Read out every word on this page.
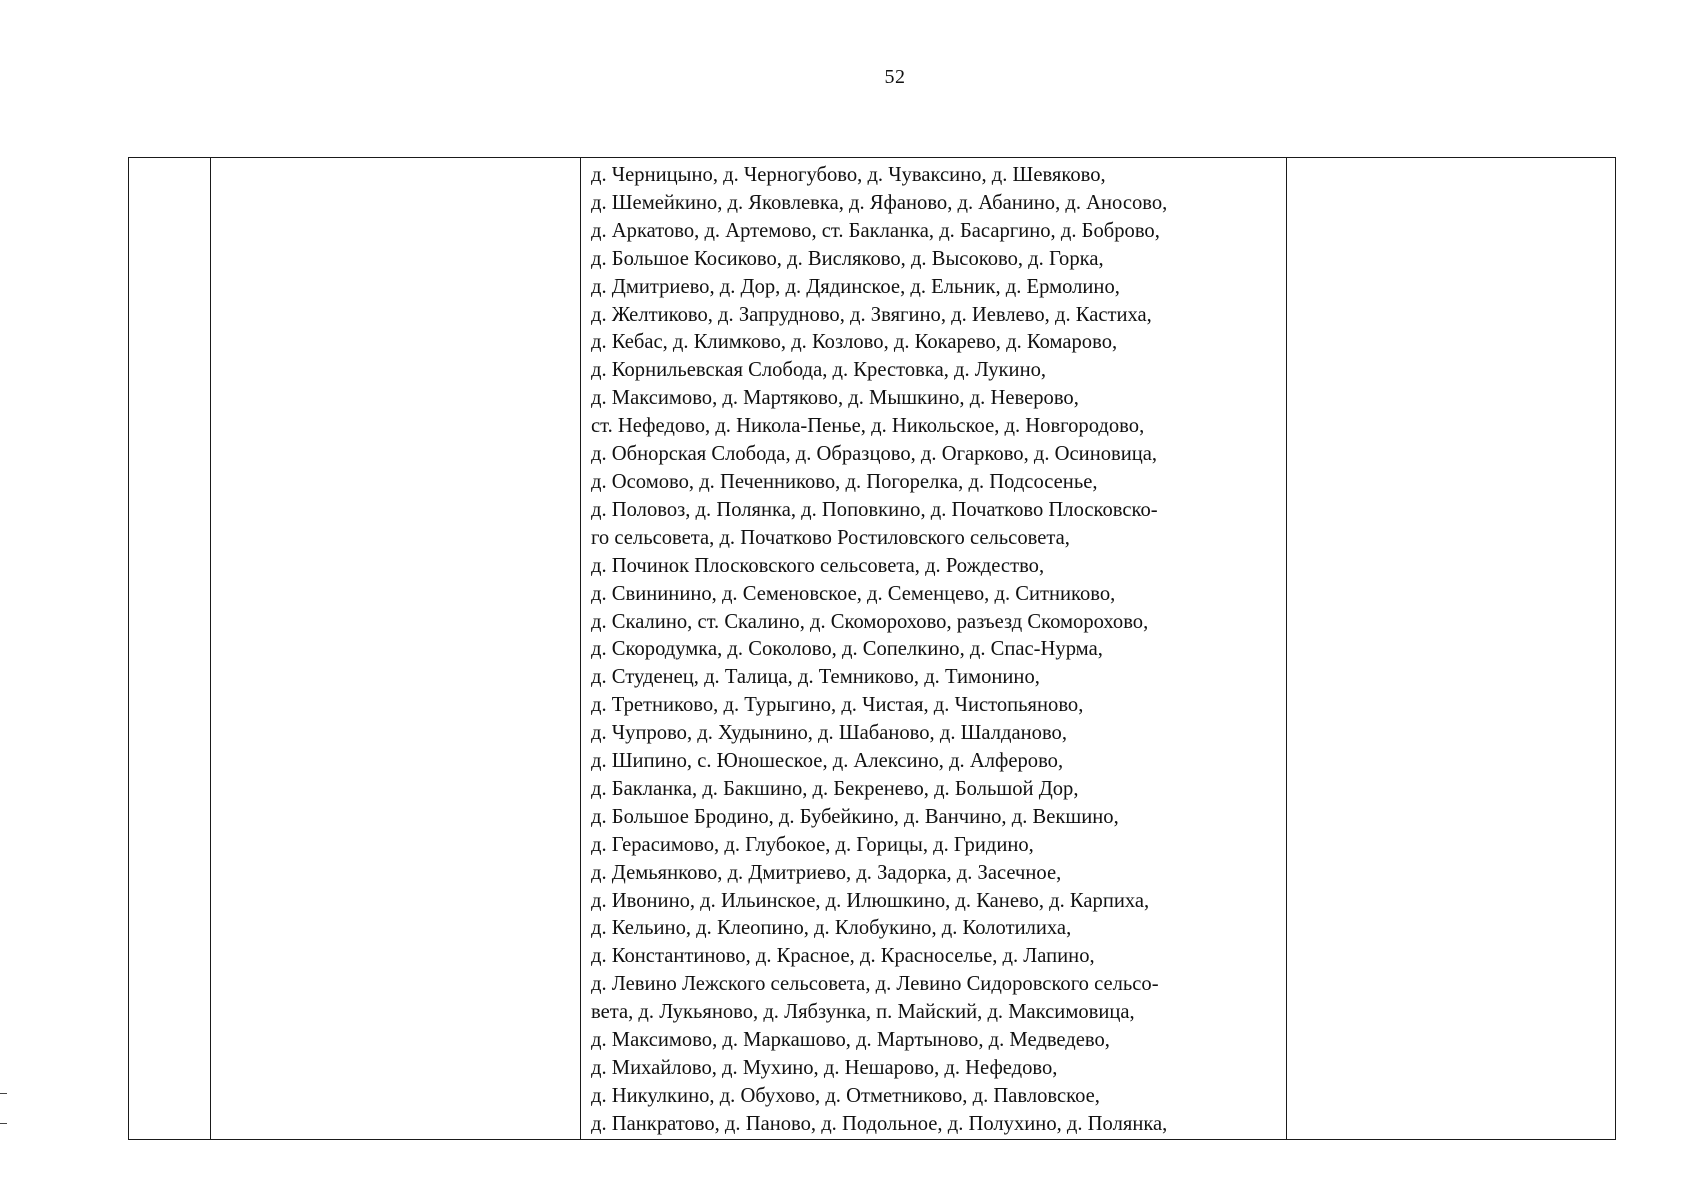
52

д. Черницыно, д. Черногубово, д. Чуваксино, д. Шевяково,
д. Шемейкино, д. Яковлевка, д. Яфаново, д. Абанино, д. Аносово,
д. Аркатово, д. Артемово, ст. Бакланка, д. Басаргино, д. Боброво,
д. Большое Косиково, д. Висляково, д. Высоково, д. Горка,
д. Дмитриево, д. Дор, д. Дядинское, д. Ельник, д. Ермолино,
д. Желтиково, д. Запрудново, д. Звягино, д. Иевлево, д. Кастиха,
д. Кебас, д. Климково, д. Козлово, д. Кокарево, д. Комарово,
д. Корнильевская Слобода, д. Крестовка, д. Лукино,
д. Максимово, д. Мартяково, д. Мышкино, д. Неверово,
ст. Нефедово, д. Никола-Пенье, д. Никольское, д. Новгородово,
д. Обнорская Слобода, д. Образцово, д. Огарково, д. Осиновица,
д. Осомово, д. Печенниково, д. Погорелка, д. Подсосенье,
д. Половоз, д. Полянка, д. Поповкино, д. Початково Плосковско-
го сельсовета, д. Початково Ростиловского сельсовета,
д. Починок Плосковского сельсовета, д. Рождество,
д. Свининино, д. Семеновское, д. Семенцево, д. Ситниково,
д. Скалино, ст. Скалино, д. Скоморохово, разъезд Скоморохово,
д. Скородумка, д. Соколово, д. Сопелкино, д. Спас-Нурма,
д. Студенец, д. Талица, д. Темниково, д. Тимонино,
д. Третниково, д. Турыгино, д. Чистая, д. Чистопьяново,
д. Чупрово, д. Худынино, д. Шабаново, д. Шалданово,
д. Шипино, с. Юношеское, д. Алексино, д. Алферово,
д. Бакланка, д. Бакшино, д. Бекренево, д. Большой Дор,
д. Большое Бродино, д. Бубейкино, д. Ванчино, д. Векшино,
д. Герасимово, д. Глубокое, д. Горицы, д. Гридино,
д. Демьянково, д. Дмитриево, д. Задорка, д. Засечное,
д. Ивонино, д. Ильинское, д. Илюшкино, д. Канево, д. Карпиха,
д. Кельино, д. Клеопино, д. Клобукино, д. Колотилиха,
д. Константиново, д. Красное, д. Красноселье, д. Лапино,
д. Левино Лежского сельсовета, д. Левино Сидоровского сельсо-
вета, д. Лукьяново, д. Лябзунка, п. Майский, д. Максимовица,
д. Максимово, д. Маркашово, д. Мартыново, д. Медведево,
д. Михайлово, д. Мухино, д. Нешарово, д. Нефедово,
д. Никулкино, д. Обухово, д. Отметниково, д. Павловское,
д. Панкратово, д. Паново, д. Подольное, д. Полухино, д. Полянка,
